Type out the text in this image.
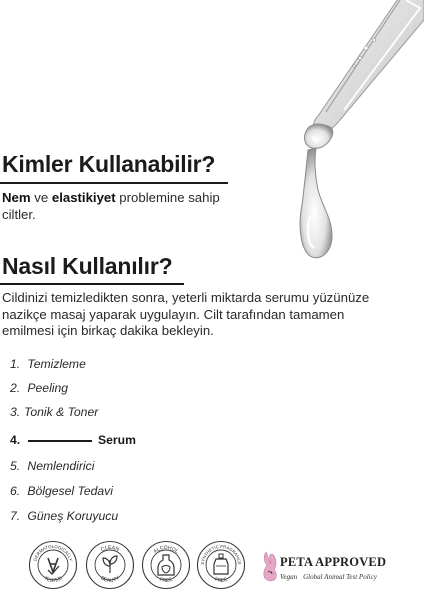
Kimler Kullanabilir?

Nem ve elastikiyet problemine sahip ciltler.

Nasıl Kullanılır?

Cildinizi temizledikten sonra, yeterli miktarda serumu yüzünüze nazikçe masaj yaparak uygulayın. Cilt tarafından tamamen emilmesi için birkaç dakika bekleyin.

1. Temizleme
2. Peeling
3. Tonik & Toner
4.	Serum
5. Nemlendirici
6. Bölgesel Tedavi
7. Güneş Koruyucu
DERMATOLOGICALLY
TESTED
CLEAN
BEAUTY
ALCOHOL
FREE
SYNTHETIC FRAGRANCE
FREE
PETA APPROVED
Vegan Global Animal Test Policy
